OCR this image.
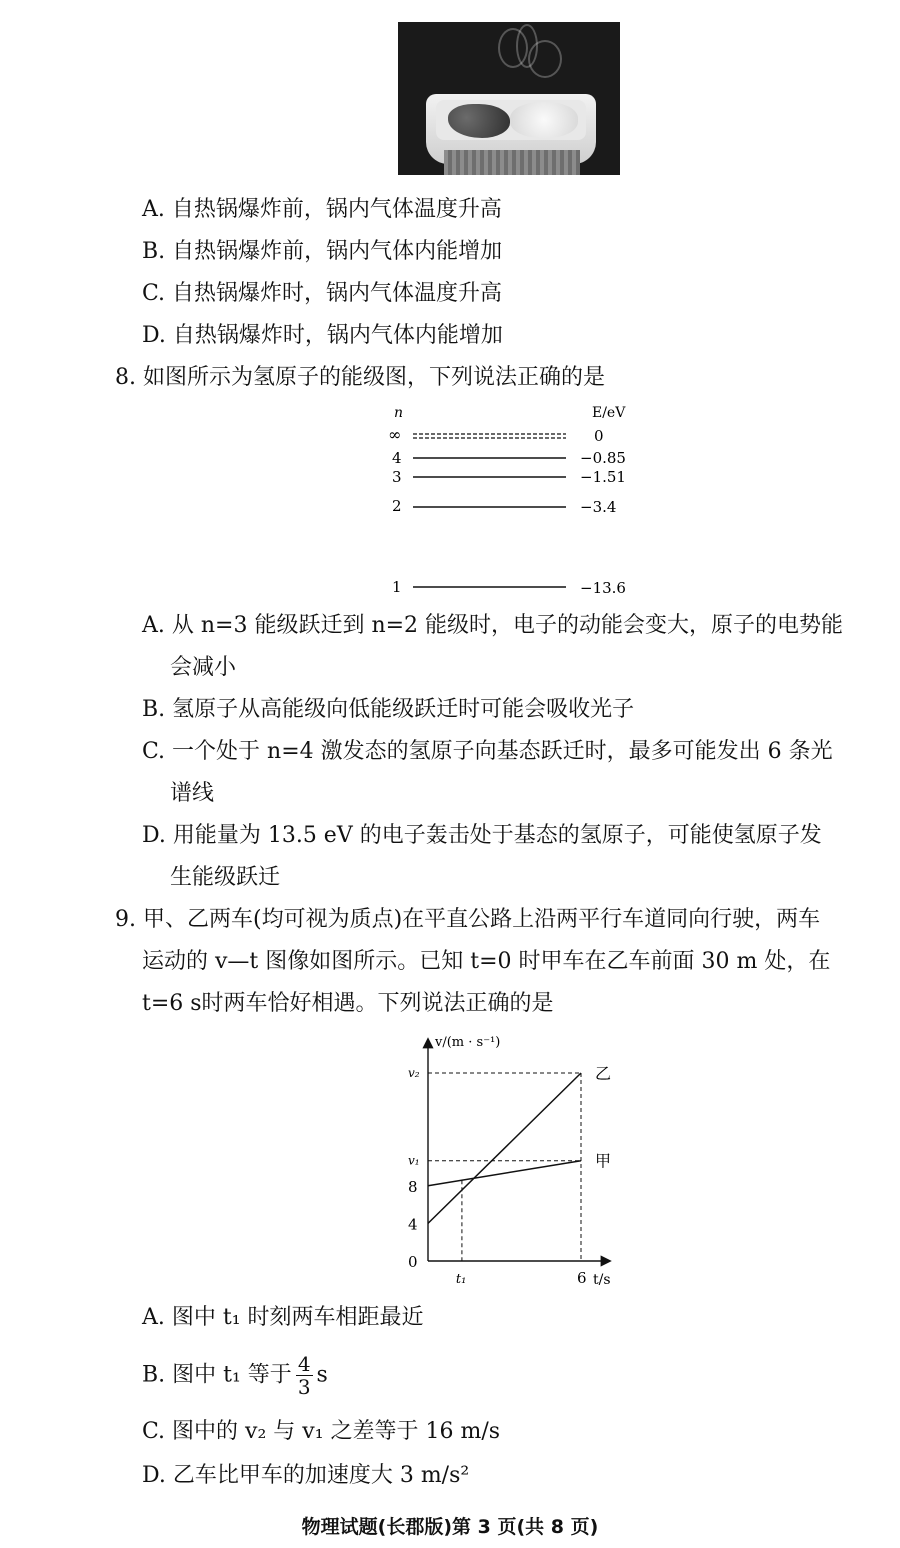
A. 自热锅爆炸前，锅内气体温度升高
B. 自热锅爆炸前，锅内气体内能增加
C. 自热锅爆炸时，锅内气体温度升高
D. 自热锅爆炸时，锅内气体内能增加
8. 如图所示为氢原子的能级图，下列说法正确的是
n	E/eV
∞	0
4	−0.85
3	−1.51
2	−3.4
1	−13.6
A. 从 n=3 能级跃迁到 n=2 能级时，电子的动能会变大，原子的电势能
会减小
B. 氢原子从高能级向低能级跃迁时可能会吸收光子
C. 一个处于 n=4 激发态的氢原子向基态跃迁时，最多可能发出 6 条光
谱线
D. 用能量为 13.5 eV 的电子轰击处于基态的氢原子，可能使氢原子发
生能级跃迁
9. 甲、乙两车(均可视为质点)在平直公路上沿两平行车道同向行驶，两车
运动的 v—t 图像如图所示。已知 t=0 时甲车在乙车前面 30 m 处，在
t=6 s时两车恰好相遇。下列说法正确的是
v/(m · s⁻¹)
t/s
甲
乙
4
8
v₁
v₂
0
t₁	6
A. 图中 t₁ 时刻两车相距最近
B. 图中 t₁ 等于 $\frac{4}{3}$ s
C. 图中的 v₂ 与 v₁ 之差等于 16 m/s
D. 乙车比甲车的加速度大 3 m/s²
物理试题(长郡版)第 3 页(共 8 页)
